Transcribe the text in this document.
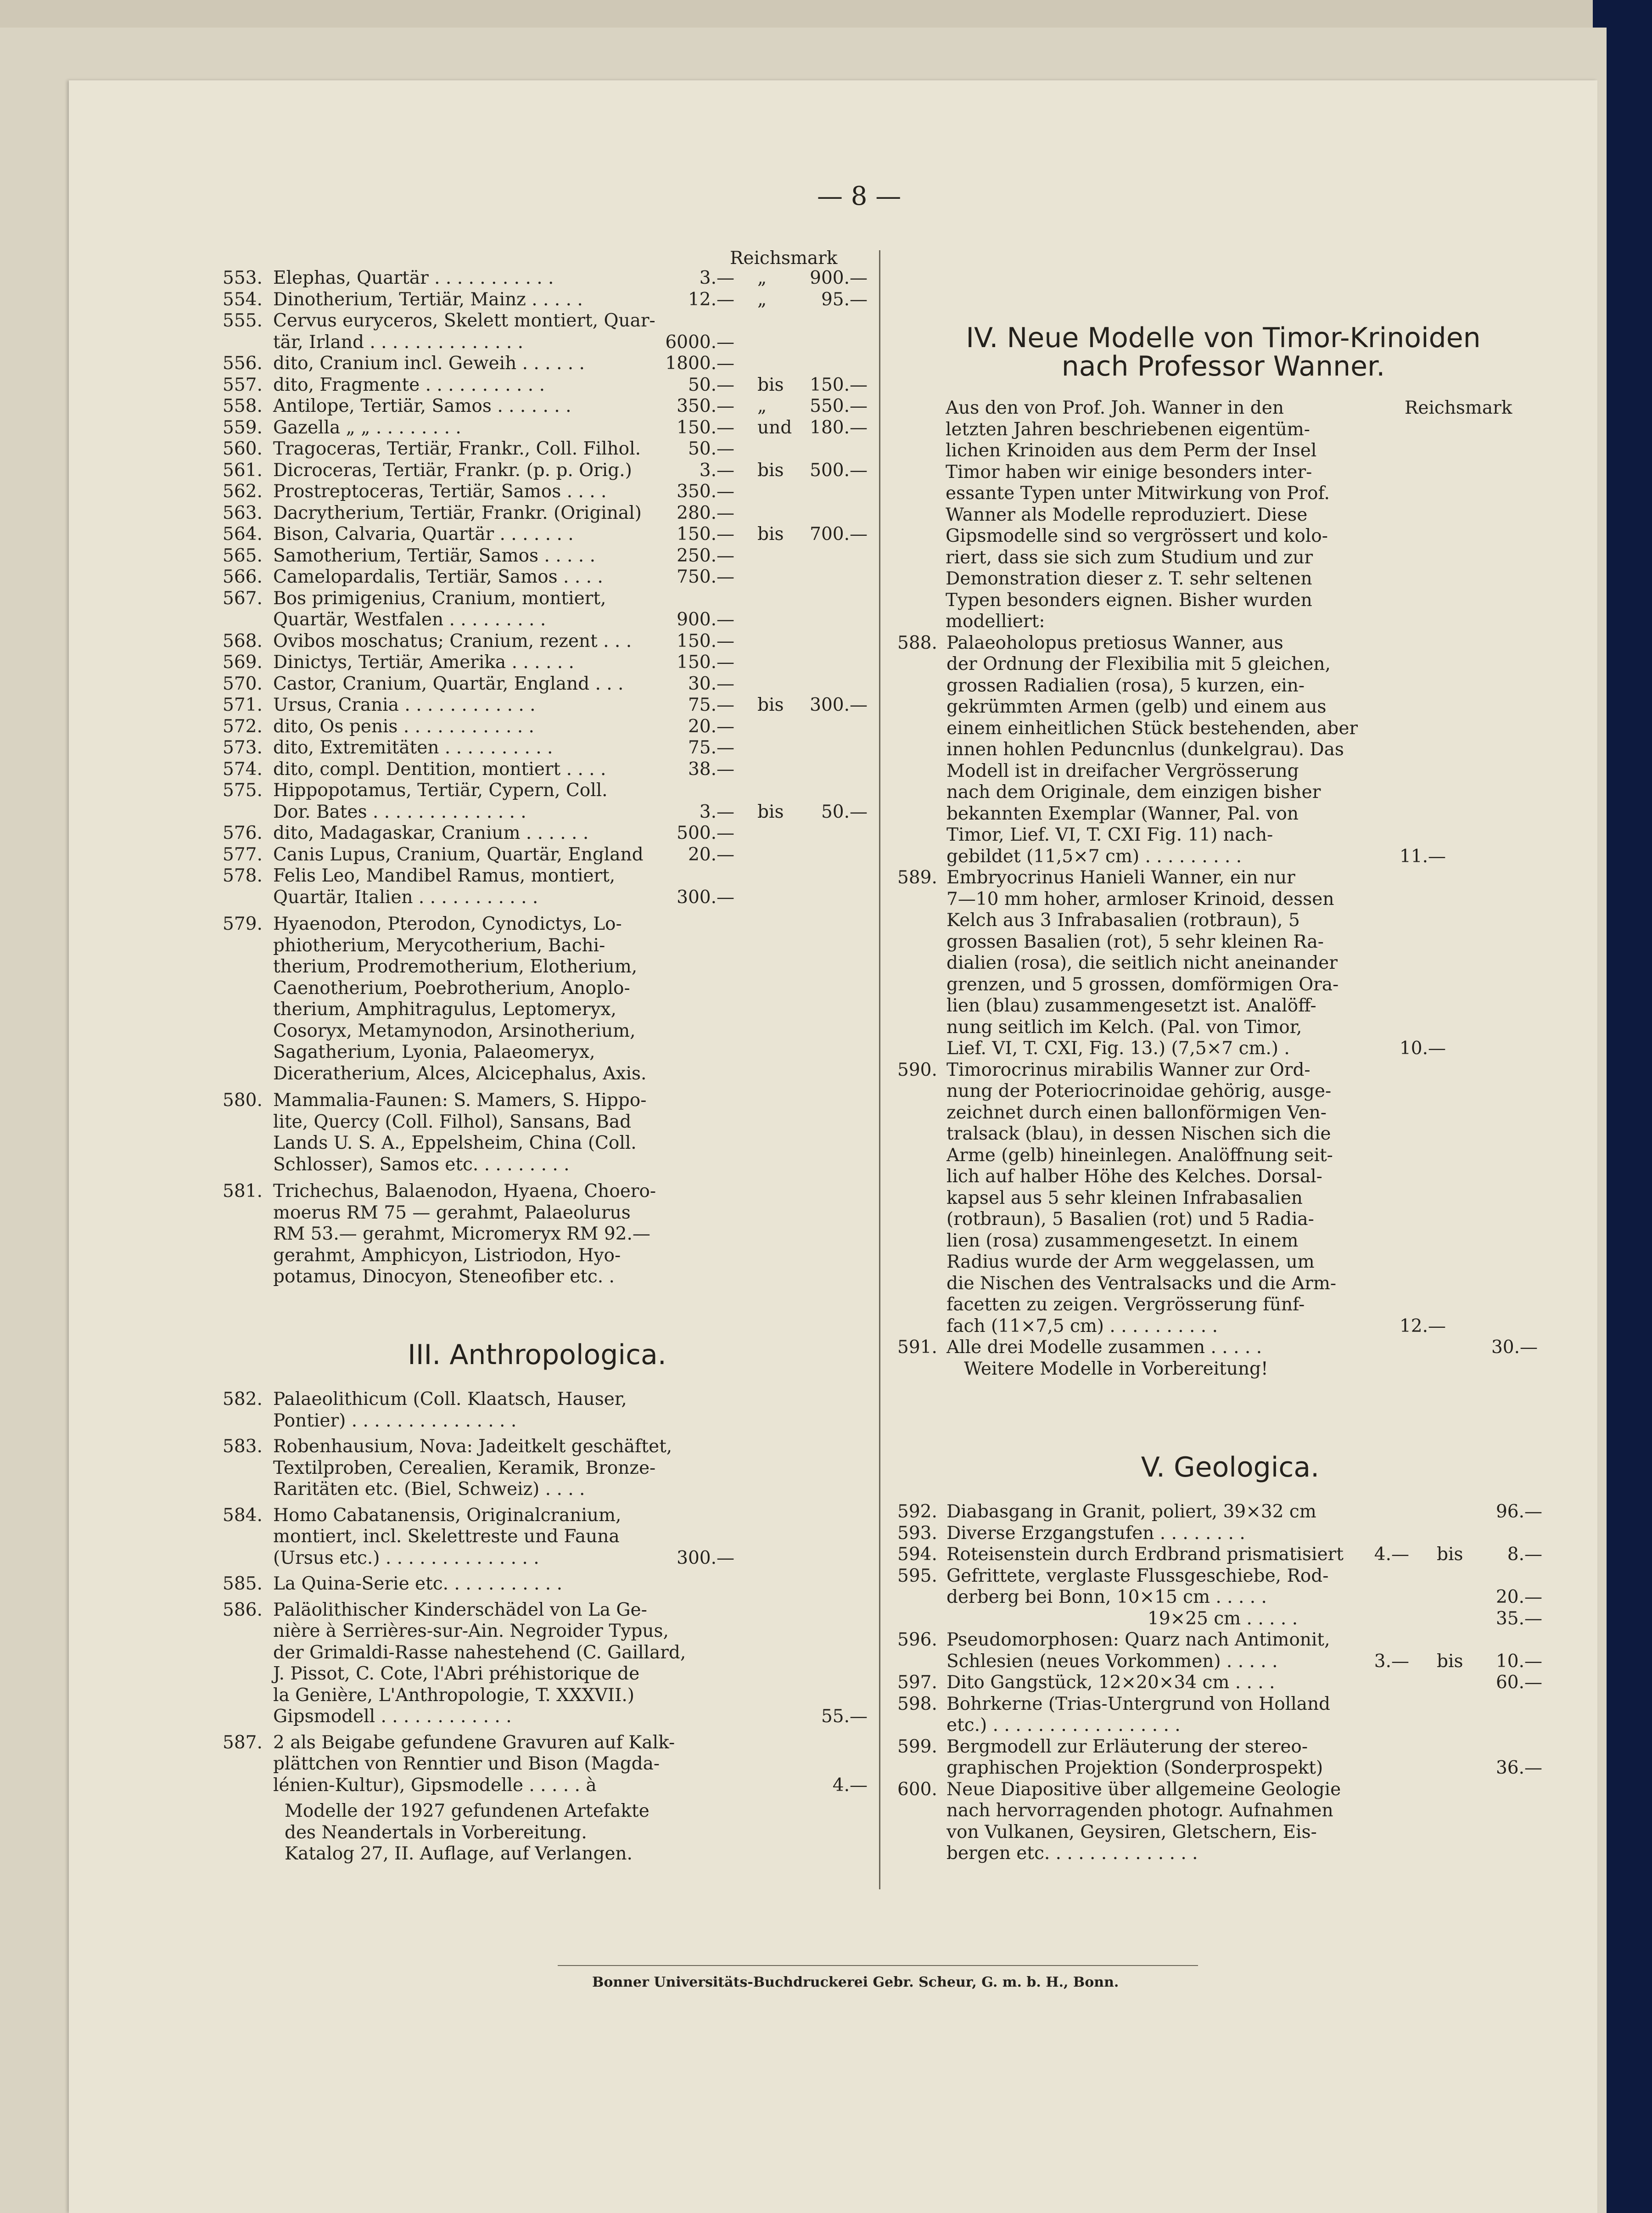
— 8 —
Reichsmark
Reichsmark
553. Elephas, Quartär . . . . . . . . . . .	3.— „	900.—
554. Dinotherium, Tertiär, Mainz . . . . .	12.— „	95.—
555. Cervus euryceros, Skelett montiert, Quar-
tär, Irland . . . . . . . . . . . . . .	6000.—
556. dito, Cranium incl. Geweih . . . . . .	1800.—
557. dito, Fragmente . . . . . . . . . . .	50.— bis	150.—
558. Antilope, Tertiär, Samos . . . . . . .	350.— „	550.—
559. Gazella „ „ . . . . . . . .	150.— und 180.—
560. Tragoceras, Tertiär, Frankr., Coll. Filhol.	50.—
561. Dicroceras, Tertiär, Frankr. (p. p. Orig.)	3.— bis	500.—
562. Prostreptoceras, Tertiär, Samos . . . .	350.—
563. Dacrytherium, Tertiär, Frankr. (Original)	280.—
564. Bison, Calvaria, Quartär . . . . . . .	150.— bis	700.—
565. Samotherium, Tertiär, Samos . . . . .	250.—
566. Camelopardalis, Tertiär, Samos . . . .	750.—
567. Bos primigenius, Cranium, montiert,
Quartär, Westfalen . . . . . . . . .	900.—
568. Ovibos moschatus; Cranium, rezent . . .	150.—
569. Dinictys, Tertiär, Amerika . . . . . .	150.—
570. Castor, Cranium, Quartär, England . . .	30.—
571. Ursus, Crania . . . . . . . . . . . .	75.— bis	300.—
572. dito, Os penis . . . . . . . . . . . .	20.—
573. dito, Extremitäten . . . . . . . . . .	75.—
574. dito, compl. Dentition, montiert . . . .	38.—
575. Hippopotamus, Tertiär, Cypern, Coll.
Dor. Bates . . . . . . . . . . . . . .	3.— bis	50.—
576. dito, Madagaskar, Cranium . . . . . .	500.—
577. Canis Lupus, Cranium, Quartär, England	20.—
578. Felis Leo, Mandibel Ramus, montiert,
Quartär, Italien . . . . . . . . . . .	300.—
579. Hyaenodon, Pterodon, Cynodictys, Lo-
phiotherium, Merycotherium, Bachi-
therium, Prodremotherium, Elotherium,
Caenotherium, Poebrotherium, Anoplo-
therium, Amphitragulus, Leptomeryx,
Cosoryx, Metamynodon, Arsinotherium,
Sagatherium, Lyonia, Palaeomeryx,
Diceratherium, Alces, Alcicephalus, Axis.
580. Mammalia-Faunen: S. Mamers, S. Hippo-
lite, Quercy (Coll. Filhol), Sansans, Bad
Lands U. S. A., Eppelsheim, China (Coll.
Schlosser), Samos etc. . . . . . . . .
581. Trichechus, Balaenodon, Hyaena, Choero-
moerus RM 75 — gerahmt, Palaeolurus
RM 53.— gerahmt, Micromeryx RM 92.—
gerahmt, Amphicyon, Listriodon, Hyo-
potamus, Dinocyon, Steneofiber etc. .
III. Anthropologica.
582. Palaeolithicum (Coll. Klaatsch, Hauser,
Pontier) . . . . . . . . . . . . . . .
583. Robenhausium, Nova: Jadeitkelt geschäftet,
Textilproben, Cerealien, Keramik, Bronze-
Raritäten etc. (Biel, Schweiz) . . . .
584. Homo Cabatanensis, Originalcranium,
montiert, incl. Skelettreste und Fauna
(Ursus etc.) . . . . . . . . . . . . . .	300.—
585. La Quina-Serie etc. . . . . . . . . . .
586. Paläolithischer Kinderschädel von La Ge-
nière à Serrières-sur-Ain. Negroider Typus,
der Grimaldi-Rasse nahestehend (C. Gaillard,
J. Pissot, C. Cote, l'Abri préhistorique de
la Genière, L'Anthropologie, T. XXXVII.)
Gipsmodell . . . . . . . . . . . .	55.—
587. 2 als Beigabe gefundene Gravuren auf Kalk-
plättchen von Renntier und Bison (Magda-
lénien-Kultur), Gipsmodelle . . . . . à	4.—
Modelle der 1927 gefundenen Artefakte
des Neandertals in Vorbereitung.
Katalog 27, II. Auflage, auf Verlangen.
IV. Neue Modelle von Timor-Krinoiden
nach Professor Wanner.
Aus den von Prof. Joh. Wanner in den
letzten Jahren beschriebenen eigentüm-
lichen Krinoiden aus dem Perm der Insel
Timor haben wir einige besonders inter-
essante Typen unter Mitwirkung von Prof.
Wanner als Modelle reproduziert. Diese
Gipsmodelle sind so vergrössert und kolo-
riert, dass sie sich zum Studium und zur
Demonstration dieser z. T. sehr seltenen
Typen besonders eignen. Bisher wurden
modelliert:
588. Palaeoholopus pretiosus Wanner, aus
der Ordnung der Flexibilia mit 5 gleichen,
grossen Radialien (rosa), 5 kurzen, ein-
gekrümmten Armen (gelb) und einem aus
einem einheitlichen Stück bestehenden, aber
innen hohlen Peduncnlus (dunkelgrau). Das
Modell ist in dreifacher Vergrösserung
nach dem Originale, dem einzigen bisher
bekannten Exemplar (Wanner, Pal. von
Timor, Lief. VI, T. CXI Fig. 11) nach-
gebildet (11,5×7 cm) . . . . . . . . .	11.—
589. Embryocrinus Hanieli Wanner, ein nur
7—10 mm hoher, armloser Krinoid, dessen
Kelch aus 3 Infrabasalien (rotbraun), 5
grossen Basalien (rot), 5 sehr kleinen Ra-
dialien (rosa), die seitlich nicht aneinander
grenzen, und 5 grossen, domförmigen Ora-
lien (blau) zusammengesetzt ist. Analöff-
nung seitlich im Kelch. (Pal. von Timor,
Lief. VI, T. CXI, Fig. 13.) (7,5×7 cm.) .	10.—
590. Timorocrinus mirabilis Wanner zur Ord-
nung der Poteriocrinoidae gehörig, ausge-
zeichnet durch einen ballonförmigen Ven-
tralsack (blau), in dessen Nischen sich die
Arme (gelb) hineinlegen. Analöffnung seit-
lich auf halber Höhe des Kelches. Dorsal-
kapsel aus 5 sehr kleinen Infrabasalien
(rotbraun), 5 Basalien (rot) und 5 Radia-
lien (rosa) zusammengesetzt. In einem
Radius wurde der Arm weggelassen, um
die Nischen des Ventralsacks und die Arm-
facetten zu zeigen. Vergrösserung fünf-
fach (11×7,5 cm) . . . . . . . . . .	12.—
591. Alle drei Modelle zusammen . . . . .	30.—
Weitere Modelle in Vorbereitung!
V. Geologica.
592. Diabasgang in Granit, poliert, 39×32 cm	96.—
593. Diverse Erzgangstufen . . . . . . . .
594. Roteisenstein durch Erdbrand prismatisiert	4.— bis	8.—
595. Gefrittete, verglaste Flussgeschiebe, Rod-
derberg bei Bonn, 10×15 cm . . . . .	20.—
19×25 cm . . . . .	35.—
596. Pseudomorphosen: Quarz nach Antimonit,
Schlesien (neues Vorkommen) . . . . .	3.— bis	10.—
597. Dito Gangstück, 12×20×34 cm . . . .	60.—
598. Bohrkerne (Trias-Untergrund von Holland
etc.) . . . . . . . . . . . . . . . . .
599. Bergmodell zur Erläuterung der stereo-
graphischen Projektion (Sonderprospekt)	36.—
600. Neue Diapositive über allgemeine Geologie
nach hervorragenden photogr. Aufnahmen
von Vulkanen, Geysiren, Gletschern, Eis-
bergen etc. . . . . . . . . . . . . .
Bonner Universitäts-Buchdruckerei Gebr. Scheur, G. m. b. H., Bonn.
